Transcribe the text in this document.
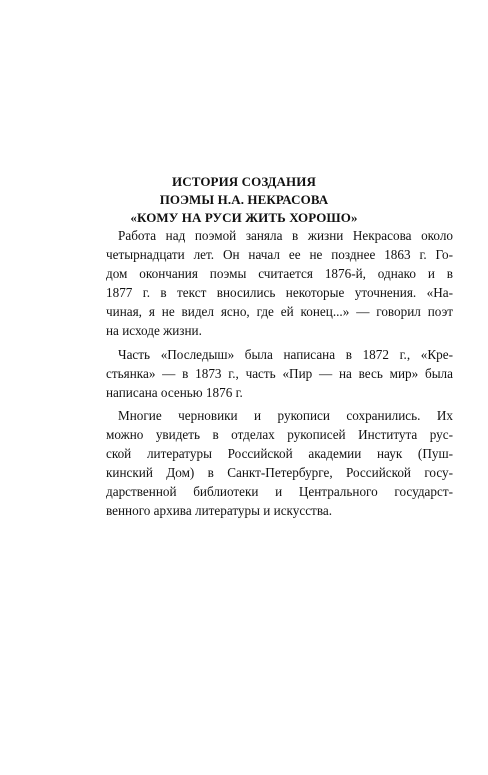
ИСТОРИЯ СОЗДАНИЯ
ПОЭМЫ Н.А. НЕКРАСОВА
«КОМУ НА РУСИ ЖИТЬ ХОРОШО»
Работа над поэмой заняла в жизни Некрасова около
четырнадцати лет. Он начал ее не позднее 1863 г. Го-
дом окончания поэмы считается 1876-й, однако и в
1877 г. в текст вносились некоторые уточнения. «На-
чиная, я не видел ясно, где ей конец...» — говорил поэт
на исходе жизни.
Часть «Последыш» была написана в 1872 г., «Кре-
стьянка» — в 1873 г., часть «Пир — на весь мир» была
написана осенью 1876 г.
Многие черновики и рукописи сохранились. Их
можно увидеть в отделах рукописей Института рус-
ской литературы Российской академии наук (Пуш-
кинский Дом) в Санкт-Петербурге, Российской госу-
дарственной библиотеки и Центрального государст-
венного архива литературы и искусства.
